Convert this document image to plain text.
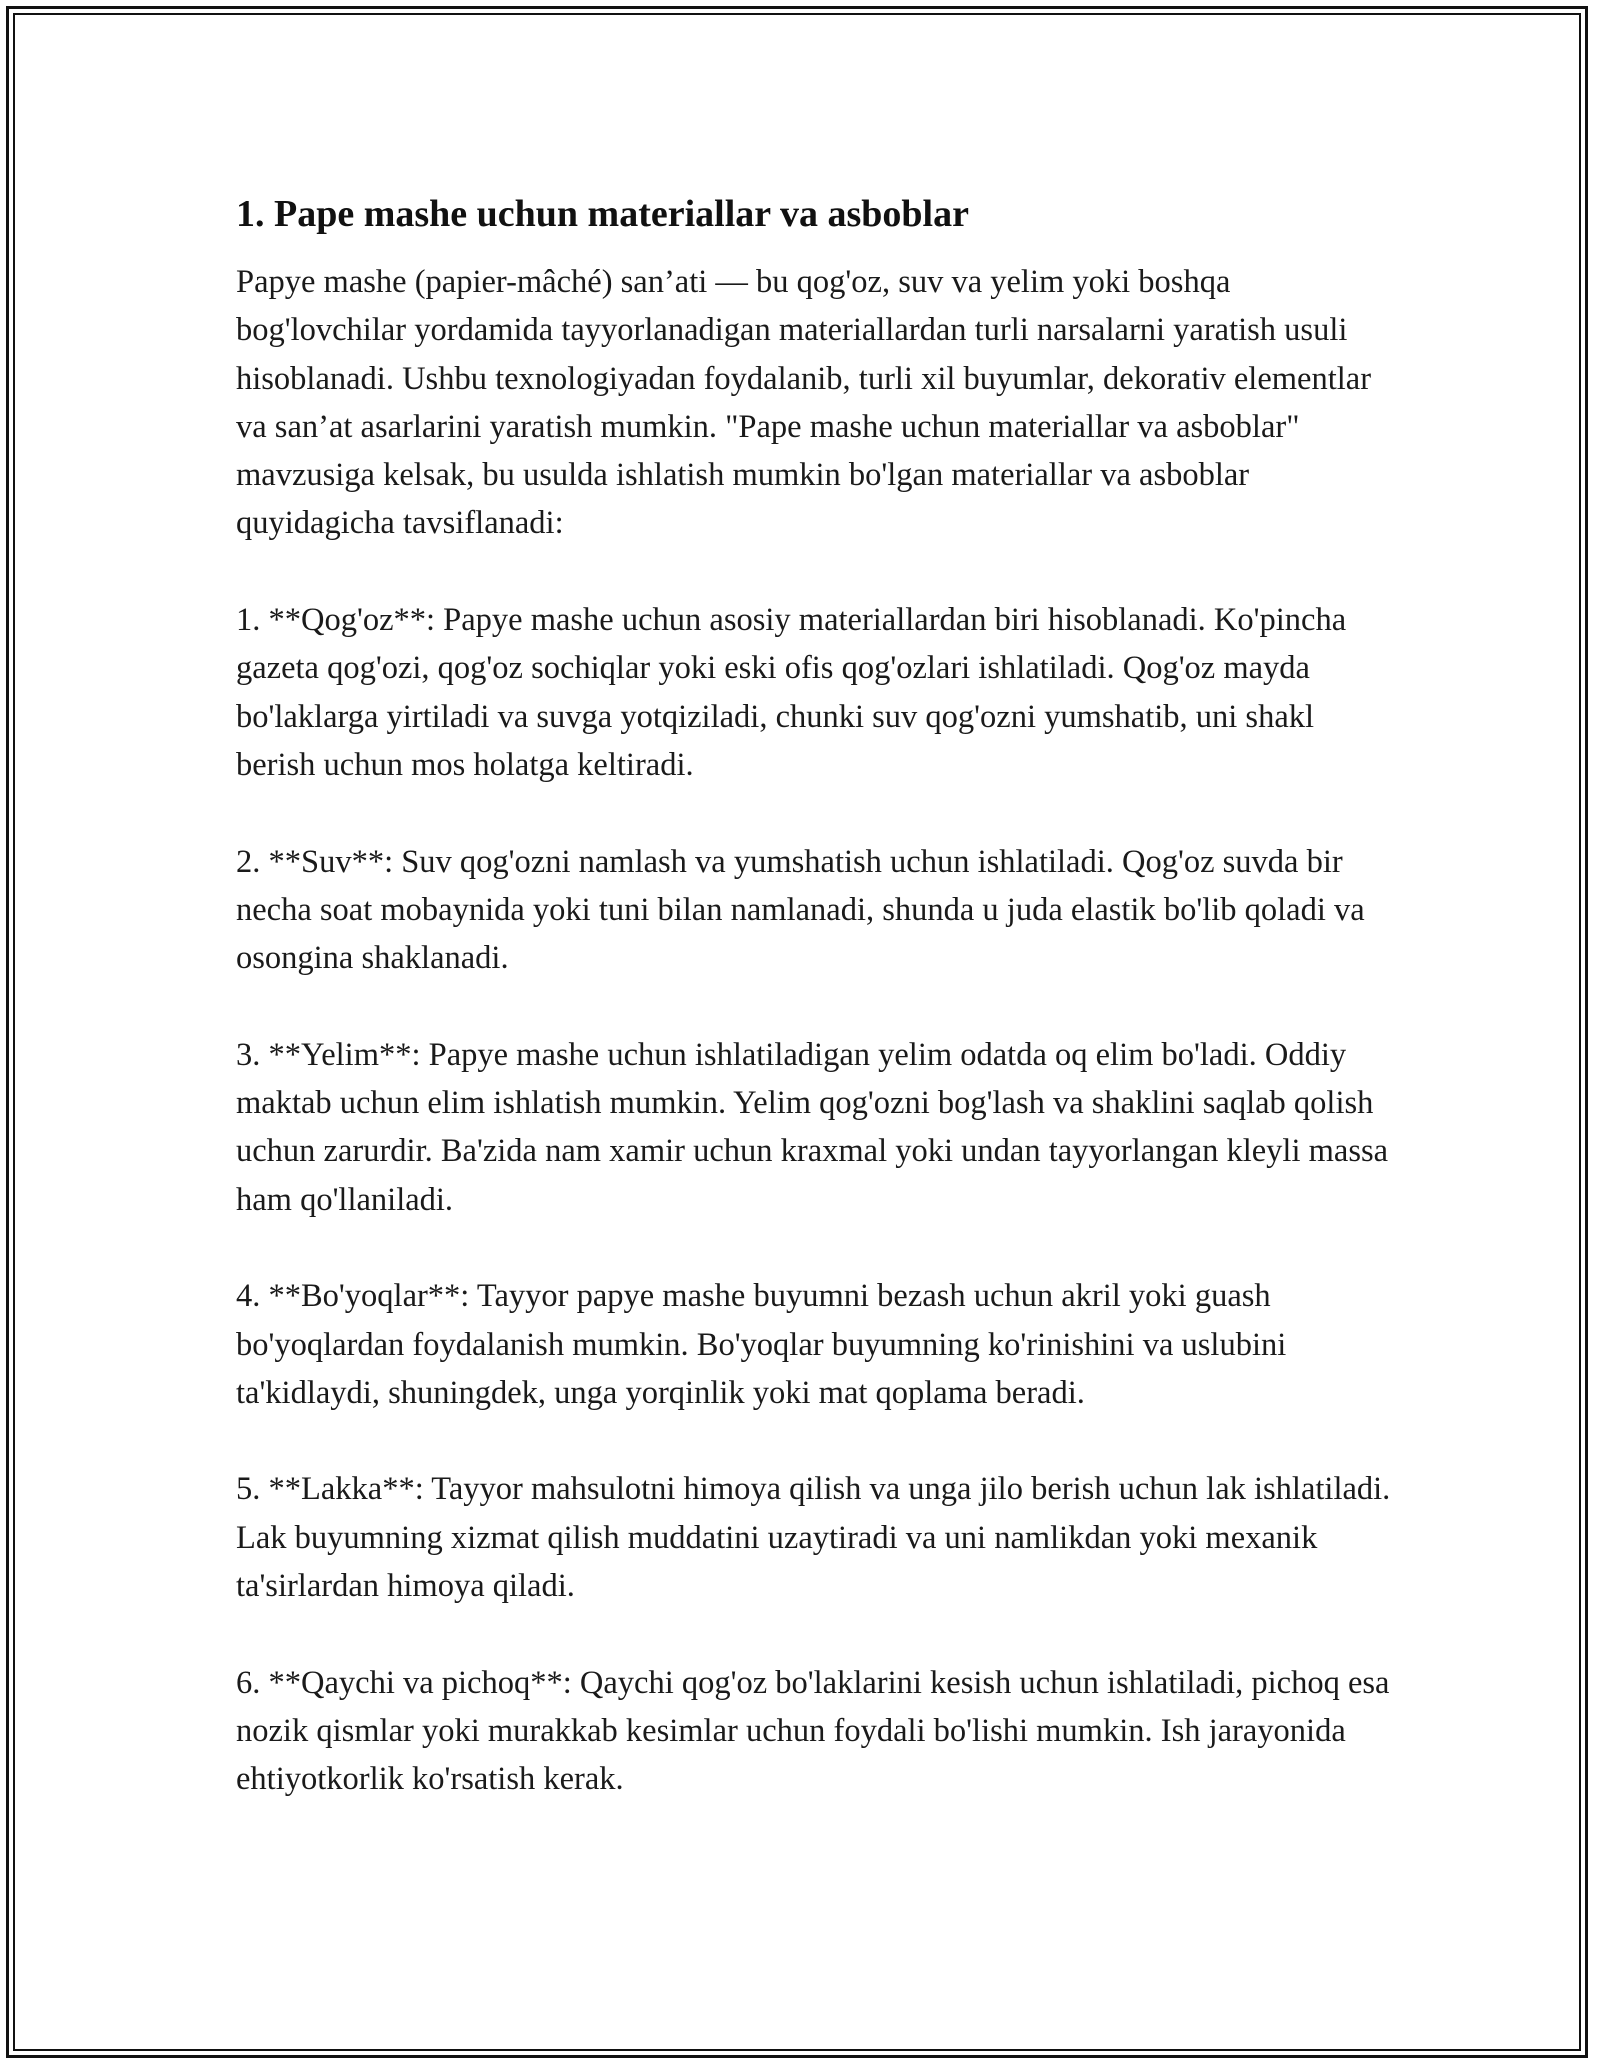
1. Pape mashe uchun materiallar va asboblar

Papye mashe (papier-mâché) san’ati — bu qog'oz, suv va yelim yoki boshqa bog'lovchilar yordamida tayyorlanadigan materiallardan turli narsalarni yaratish usuli hisoblanadi. Ushbu texnologiyadan foydalanib, turli xil buyumlar, dekorativ elementlar va san’at asarlarini yaratish mumkin. "Pape mashe uchun materiallar va asboblar" mavzusiga kelsak, bu usulda ishlatish mumkin bo'lgan materiallar va asboblar quyidagicha tavsiflanadi:

1. **Qog'oz**: Papye mashe uchun asosiy materiallardan biri hisoblanadi. Ko'pincha gazeta qog'ozi, qog'oz sochiqlar yoki eski ofis qog'ozlari ishlatiladi. Qog'oz mayda bo'laklarga yirtiladi va suvga yotqiziladi, chunki suv qog'ozni yumshatib, uni shakl berish uchun mos holatga keltiradi.

2. **Suv**: Suv qog'ozni namlash va yumshatish uchun ishlatiladi. Qog'oz suvda bir necha soat mobaynida yoki tuni bilan namlanadi, shunda u juda elastik bo'lib qoladi va osongina shaklanadi.

3. **Yelim**: Papye mashe uchun ishlatiladigan yelim odatda oq elim bo'ladi. Oddiy maktab uchun elim ishlatish mumkin. Yelim qog'ozni bog'lash va shaklini saqlab qolish uchun zarurdir. Ba'zida nam xamir uchun kraxmal yoki undan tayyorlangan kleyli massa ham qo'llaniladi.

4. **Bo'yoqlar**: Tayyor papye mashe buyumni bezash uchun akril yoki guash bo'yoqlardan foydalanish mumkin. Bo'yoqlar buyumning ko'rinishini va uslubini ta'kidlaydi, shuningdek, unga yorqinlik yoki mat qoplama beradi.

5. **Lakka**: Tayyor mahsulotni himoya qilish va unga jilo berish uchun lak ishlatiladi. Lak buyumning xizmat qilish muddatini uzaytiradi va uni namlikdan yoki mexanik ta'sirlardan himoya qiladi.

6. **Qaychi va pichoq**: Qaychi qog'oz bo'laklarini kesish uchun ishlatiladi, pichoq esa nozik qismlar yoki murakkab kesimlar uchun foydali bo'lishi mumkin. Ish jarayonida ehtiyotkorlik ko'rsatish kerak.
